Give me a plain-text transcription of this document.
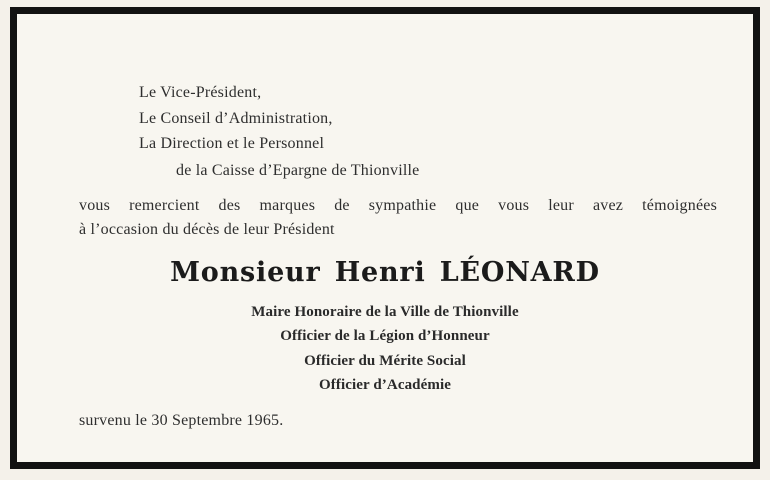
Le Vice-Président,
Le Conseil d’Administration,
La Direction et le Personnel
de la Caisse d’Epargne de Thionville
vous remercient des marques de sympathie que vous leur avez témoignées
à l’occasion du décès de leur Président
Monsieur Henri LÉONARD
Maire Honoraire de la Ville de Thionville
Officier de la Légion d’Honneur
Officier du Mérite Social
Officier d’Académie
survenu le 30 Septembre 1965.
